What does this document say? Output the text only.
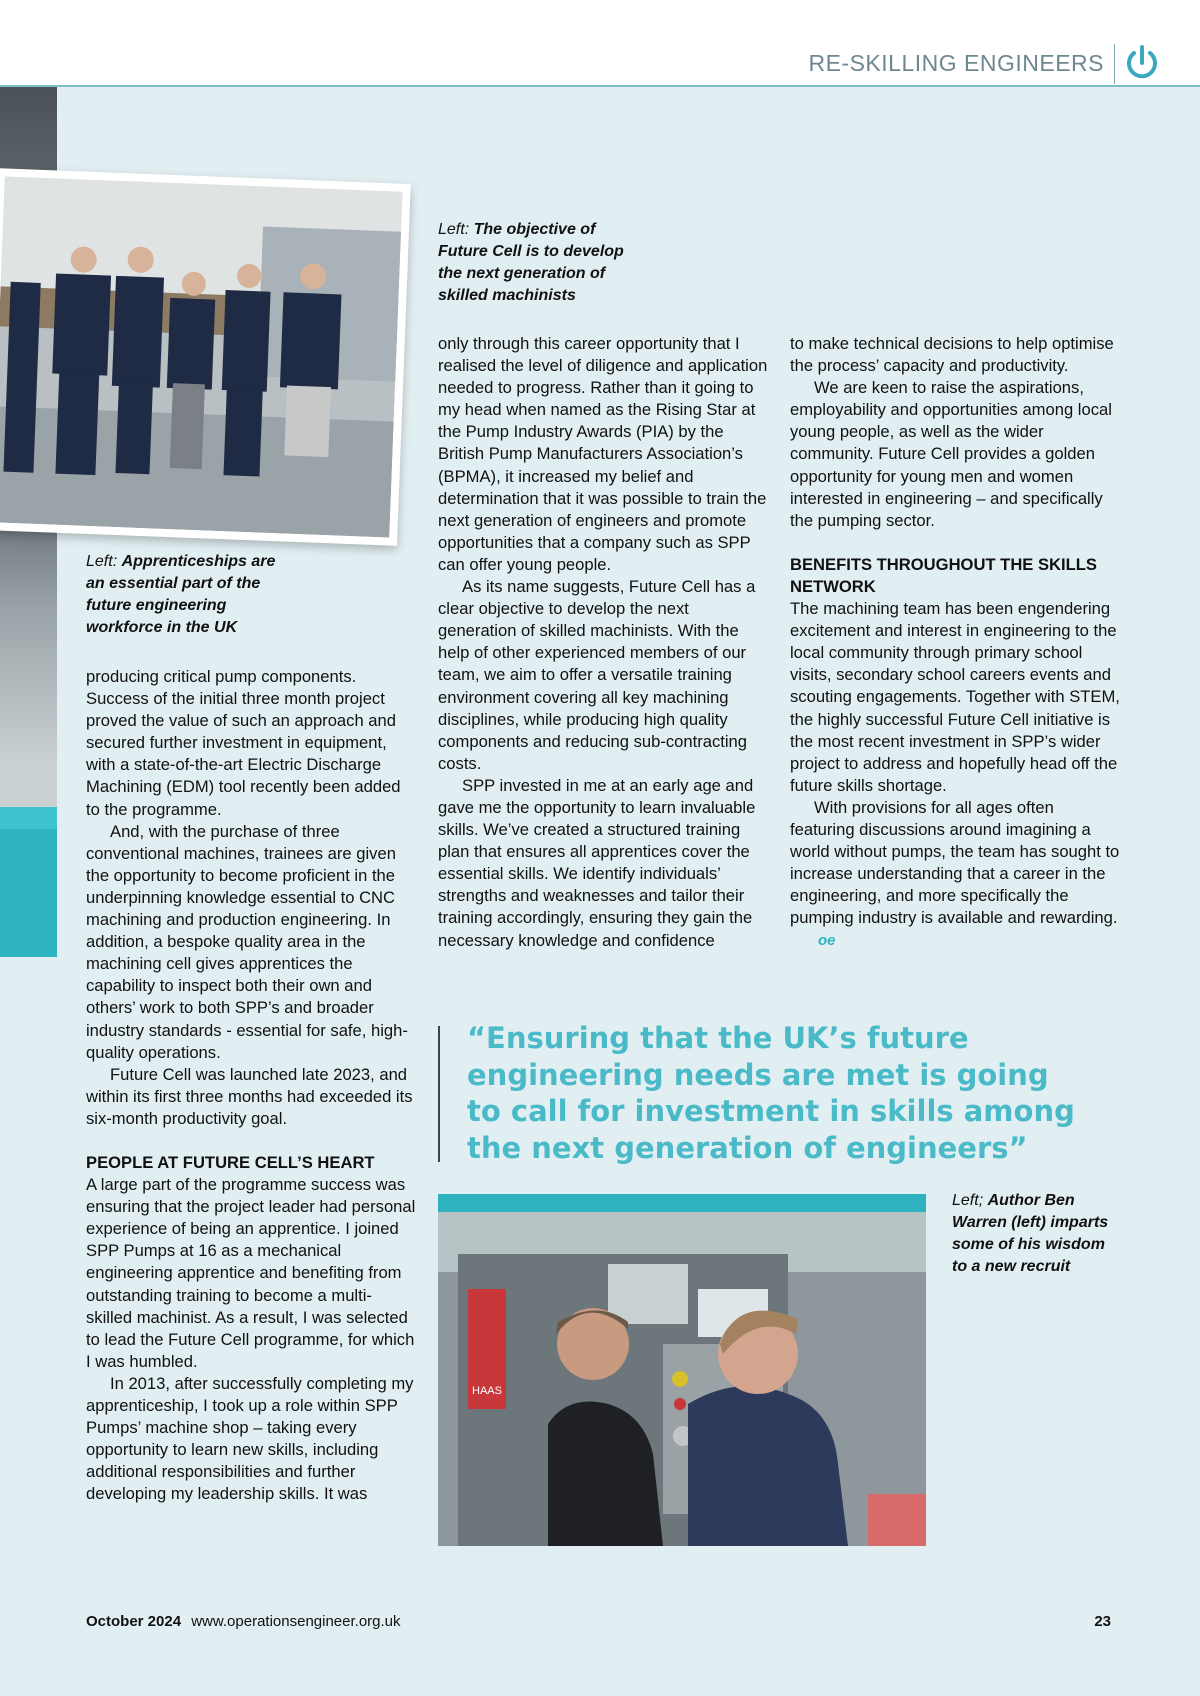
RE-SKILLING ENGINEERS
Left: The objective of Future Cell is to develop the next generation of skilled machinists
Left: Apprenticeships are an essential part of the future engineering workforce in the UK
Left; Author Ben Warren (left) imparts some of his wisdom to a new recruit

producing critical pump components. Success of the initial three month project proved the value of such an approach and secured further investment in equipment, with a state-of-the-art Electric Discharge Machining (EDM) tool recently been added to the programme.

And, with the purchase of three conventional machines, trainees are given the opportunity to become proficient in the underpinning knowledge essential to CNC machining and production engineering. In addition, a bespoke quality area in the machining cell gives apprentices the capability to inspect both their own and others’ work to both SPP’s and broader industry standards - essential for safe, high-quality operations.

Future Cell was launched late 2023, and within its first three months had exceeded its six-month productivity goal.

PEOPLE AT FUTURE CELL’S HEART

A large part of the programme success was ensuring that the project leader had personal experience of being an apprentice. I joined SPP Pumps at 16 as a mechanical engineering apprentice and benefiting from outstanding training to become a multi-skilled machinist. As a result, I was selected to lead the Future Cell programme, for which I was humbled.

In 2013, after successfully completing my apprenticeship, I took up a role within SPP Pumps’ machine shop – taking every opportunity to learn new skills, including additional responsibilities and further developing my leadership skills. It was

only through this career opportunity that I realised the level of diligence and application needed to progress. Rather than it going to my head when named as the Rising Star at the Pump Industry Awards (PIA) by the British Pump Manufacturers Association’s (BPMA), it increased my belief and determination that it was possible to train the next generation of engineers and promote opportunities that a company such as SPP can offer young people.

As its name suggests, Future Cell has a clear objective to develop the next generation of skilled machinists. With the help of other experienced members of our team, we aim to offer a versatile training environment covering all key machining disciplines, while producing high quality components and reducing sub-contracting costs.

SPP invested in me at an early age and gave me the opportunity to learn invaluable skills. We’ve created a structured training plan that ensures all apprentices cover the essential skills. We identify individuals’ strengths and weaknesses and tailor their training accordingly, ensuring they gain the necessary knowledge and confidence

to make technical decisions to help optimise the process’ capacity and productivity.

We are keen to raise the aspirations, employability and opportunities among local young people, as well as the wider community. Future Cell provides a golden opportunity for young men and women interested in engineering – and specifically the pumping sector.

BENEFITS THROUGHOUT THE SKILLS NETWORK

The machining team has been engendering excitement and interest in engineering to the local community through primary school visits, secondary school careers events and scouting engagements. Together with STEM, the highly successful Future Cell initiative is the most recent investment in SPP’s wider project to address and hopefully head off the future skills shortage.

With provisions for all ages often featuring discussions around imagining a world without pumps, the team has sought to increase understanding that a career in the engineering, and more specifically the pumping industry is available and rewarding.oe

“Ensuring that the UK’s future engineering needs are met is going to call for investment in skills among the next generation of engineers”
HAAS
October 2024 www.operationsengineer.org.uk	23
